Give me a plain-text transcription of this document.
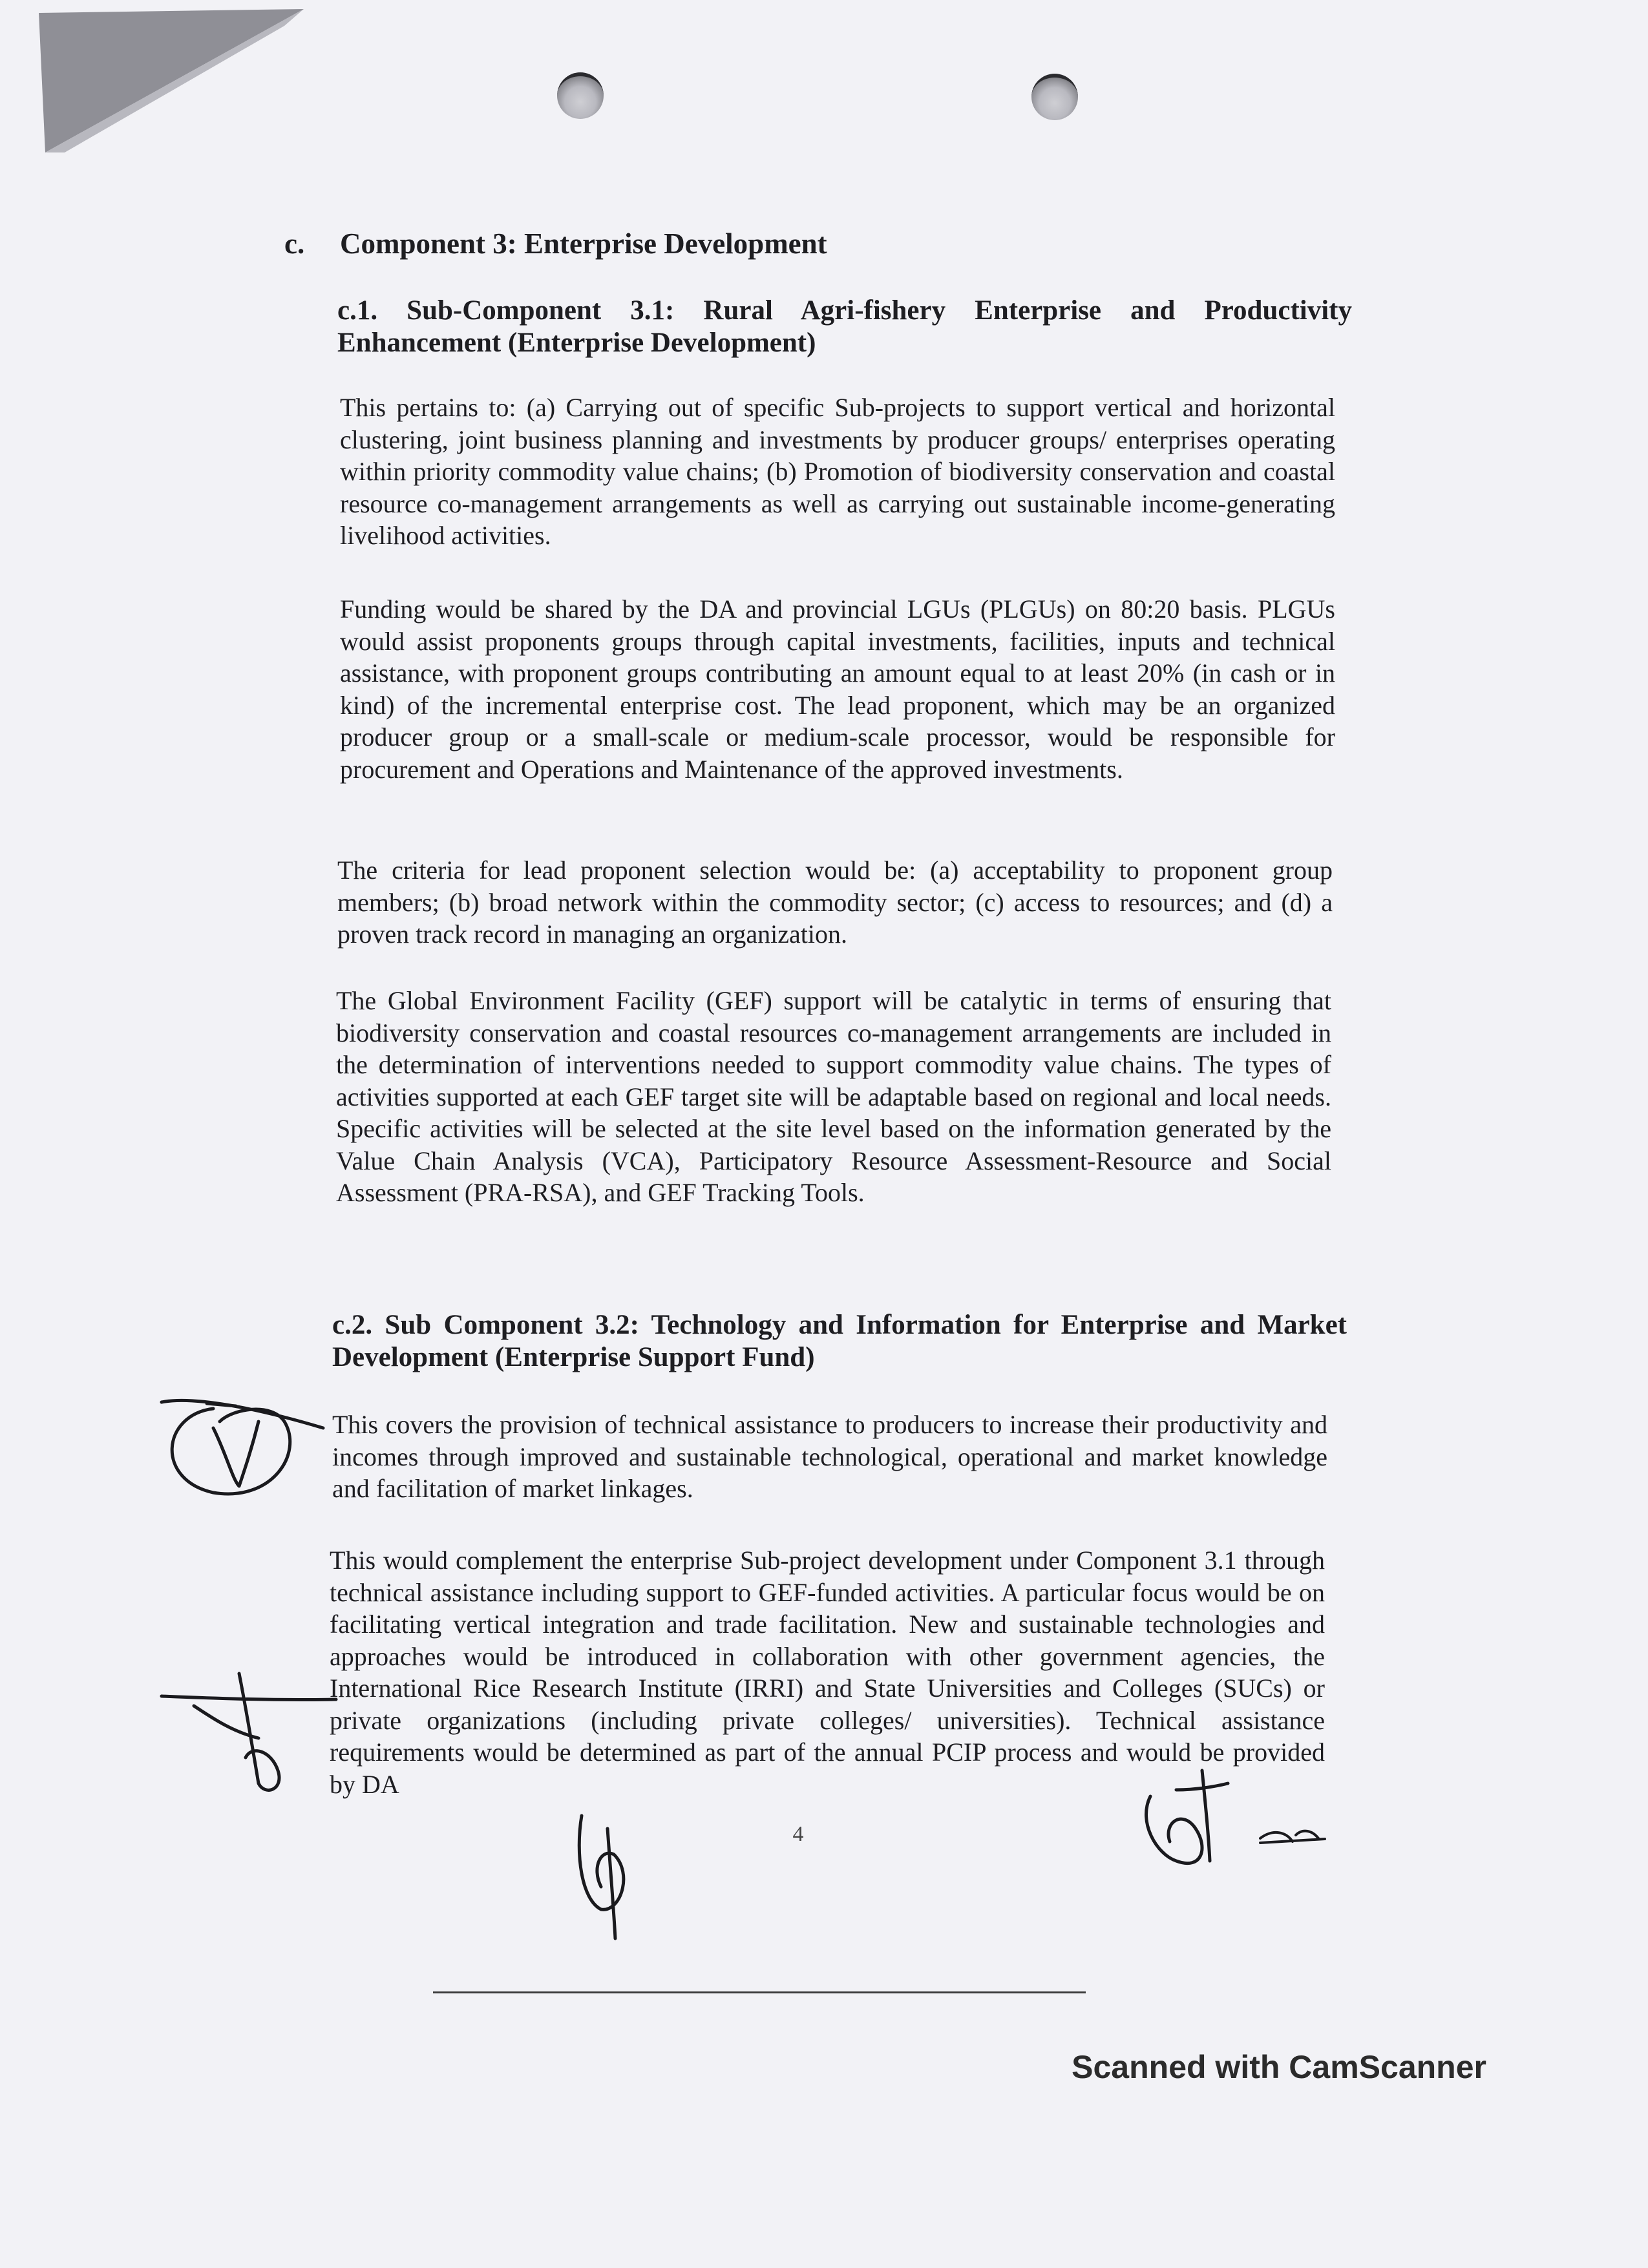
c. Component 3: Enterprise Development
c.1. Sub-Component 3.1: Rural Agri-fishery Enterprise and Productivity Enhancement (Enterprise Development)
This pertains to: (a) Carrying out of specific Sub-projects to support vertical and horizontal clustering, joint business planning and investments by producer groups/ enterprises operating within priority commodity value chains; (b) Promotion of biodiversity conservation and coastal resource co-management arrangements as well as carrying out sustainable income-generating livelihood activities.
Funding would be shared by the DA and provincial LGUs (PLGUs) on 80:20 basis. PLGUs would assist proponents groups through capital investments, facilities, inputs and technical assistance, with proponent groups contributing an amount equal to at least 20% (in cash or in kind) of the incremental enterprise cost. The lead proponent, which may be an organized producer group or a small-scale or medium-scale processor, would be responsible for procurement and Operations and Maintenance of the approved investments.
The criteria for lead proponent selection would be: (a) acceptability to proponent group members; (b) broad network within the commodity sector; (c) access to resources; and (d) a proven track record in managing an organization.
The Global Environment Facility (GEF) support will be catalytic in terms of ensuring that biodiversity conservation and coastal resources co-management arrangements are included in the determination of interventions needed to support commodity value chains. The types of activities supported at each GEF target site will be adaptable based on regional and local needs. Specific activities will be selected at the site level based on the information generated by the Value Chain Analysis (VCA), Participatory Resource Assessment-Resource and Social Assessment (PRA-RSA), and GEF Tracking Tools.
c.2. Sub Component 3.2: Technology and Information for Enterprise and Market Development (Enterprise Support Fund)
This covers the provision of technical assistance to producers to increase their productivity and incomes through improved and sustainable technological, operational and market knowledge and facilitation of market linkages.
This would complement the enterprise Sub-project development under Component 3.1 through technical assistance including support to GEF-funded activities. A particular focus would be on facilitating vertical integration and trade facilitation. New and sustainable technologies and approaches would be introduced in collaboration with other government agencies, the International Rice Research Institute (IRRI) and State Universities and Colleges (SUCs) or private organizations (including private colleges/ universities). Technical assistance requirements would be determined as part of the annual PCIP process and would be provided by DA
4
Scanned with CamScanner
